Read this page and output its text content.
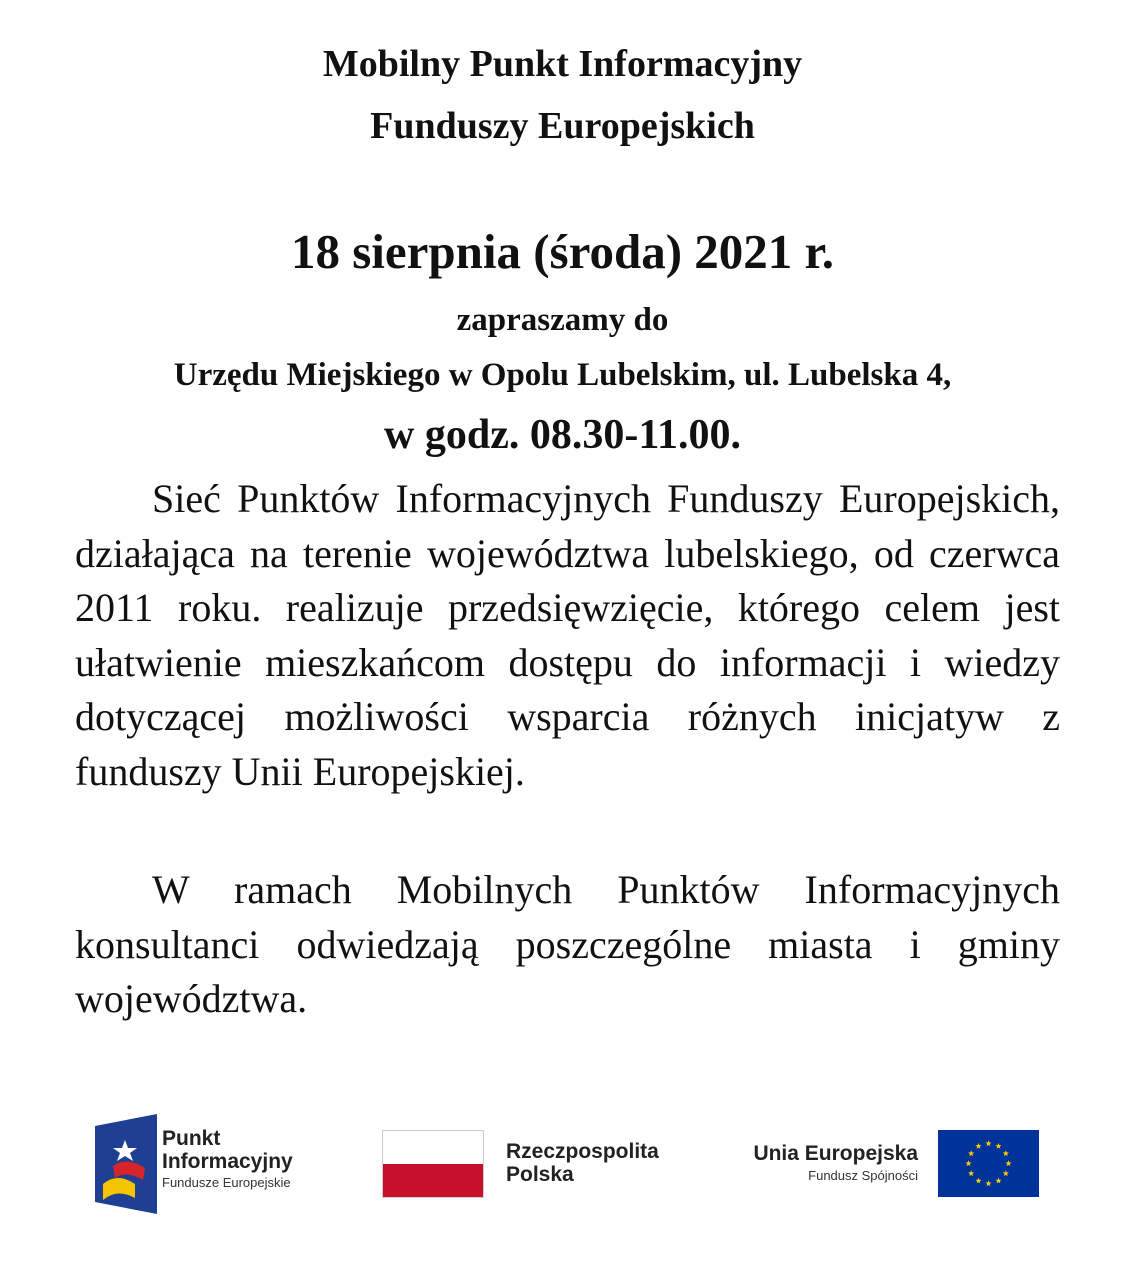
Mobilny Punkt Informacyjny
Funduszy Europejskich
18 sierpnia (środa) 2021 r.
zapraszamy do
Urzędu Miejskiego w Opolu Lubelskim, ul. Lubelska 4,
w godz. 08.30-11.00.

Sieć Punktów Informacyjnych Funduszy Europejskich, działająca na terenie województwa lubelskiego, od czerwca 2011 roku. realizuje przedsięwzięcie, którego celem jest ułatwienie mieszkańcom dostępu do informacji i wiedzy dotyczącej możliwości wsparcia różnych inicjatyw z funduszy Unii Europejskiej.

W ramach Mobilnych Punktów Informacyjnych konsultanci odwiedzają poszczególne miasta i gminy województwa.

Punkt
Informacyjny
Fundusze Europejskie
Rzeczpospolita
Polska
Unia Europejska
Fundusz Spójności
